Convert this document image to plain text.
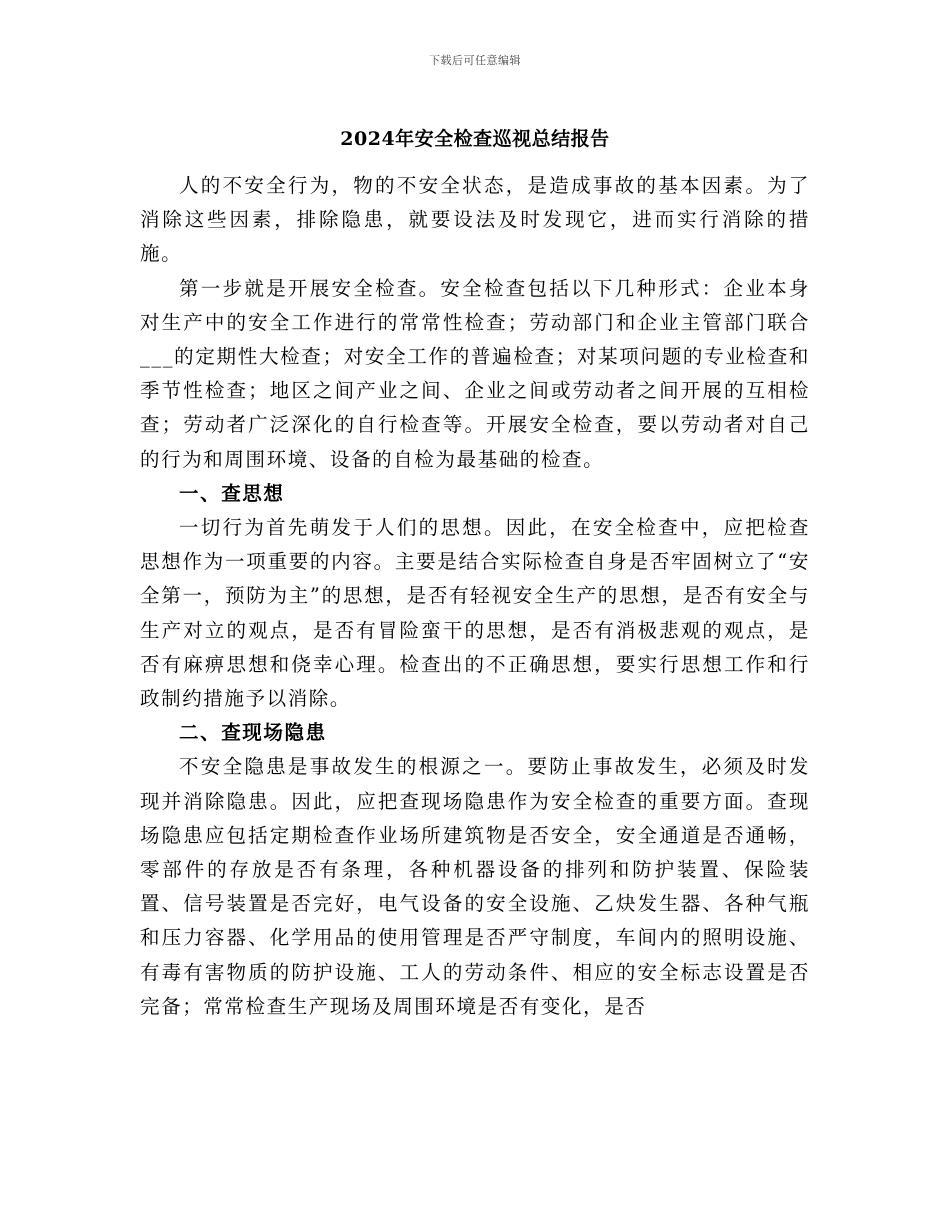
下载后可任意编辑
2024年安全检查巡视总结报告

人的不安全行为，物的不安全状态，是造成事故的基本因素。为了消除这些因素，排除隐患，就要设法及时发现它，进而实行消除的措施。

第一步就是开展安全检查。安全检查包括以下几种形式：企业本身对生产中的安全工作进行的常常性检查；劳动部门和企业主管部门联合___的定期性大检查；对安全工作的普遍检查；对某项问题的专业检查和季节性检查；地区之间产业之间、企业之间或劳动者之间开展的互相检查；劳动者广泛深化的自行检查等。开展安全检查，要以劳动者对自己的行为和周围环境、设备的自检为最基础的检查。

一、查思想

一切行为首先萌发于人们的思想。因此，在安全检查中，应把检查思想作为一项重要的内容。主要是结合实际检查自身是否牢固树立了“安全第一，预防为主”的思想，是否有轻视安全生产的思想，是否有安全与生产对立的观点，是否有冒险蛮干的思想，是否有消极悲观的观点，是否有麻痹思想和侥幸心理。检查出的不正确思想，要实行思想工作和行政制约措施予以消除。

二、查现场隐患

不安全隐患是事故发生的根源之一。要防止事故发生，必须及时发现并消除隐患。因此，应把查现场隐患作为安全检查的重要方面。查现场隐患应包括定期检查作业场所建筑物是否安全，安全通道是否通畅，零部件的存放是否有条理，各种机器设备的排列和防护装置、保险装置、信号装置是否完好，电气设备的安全设施、乙炔发生器、各种气瓶和压力容器、化学用品的使用管理是否严守制度，车间内的照明设施、有毒有害物质的防护设施、工人的劳动条件、相应的安全标志设置是否完备；常常检查生产现场及周围环境是否有变化，是否
